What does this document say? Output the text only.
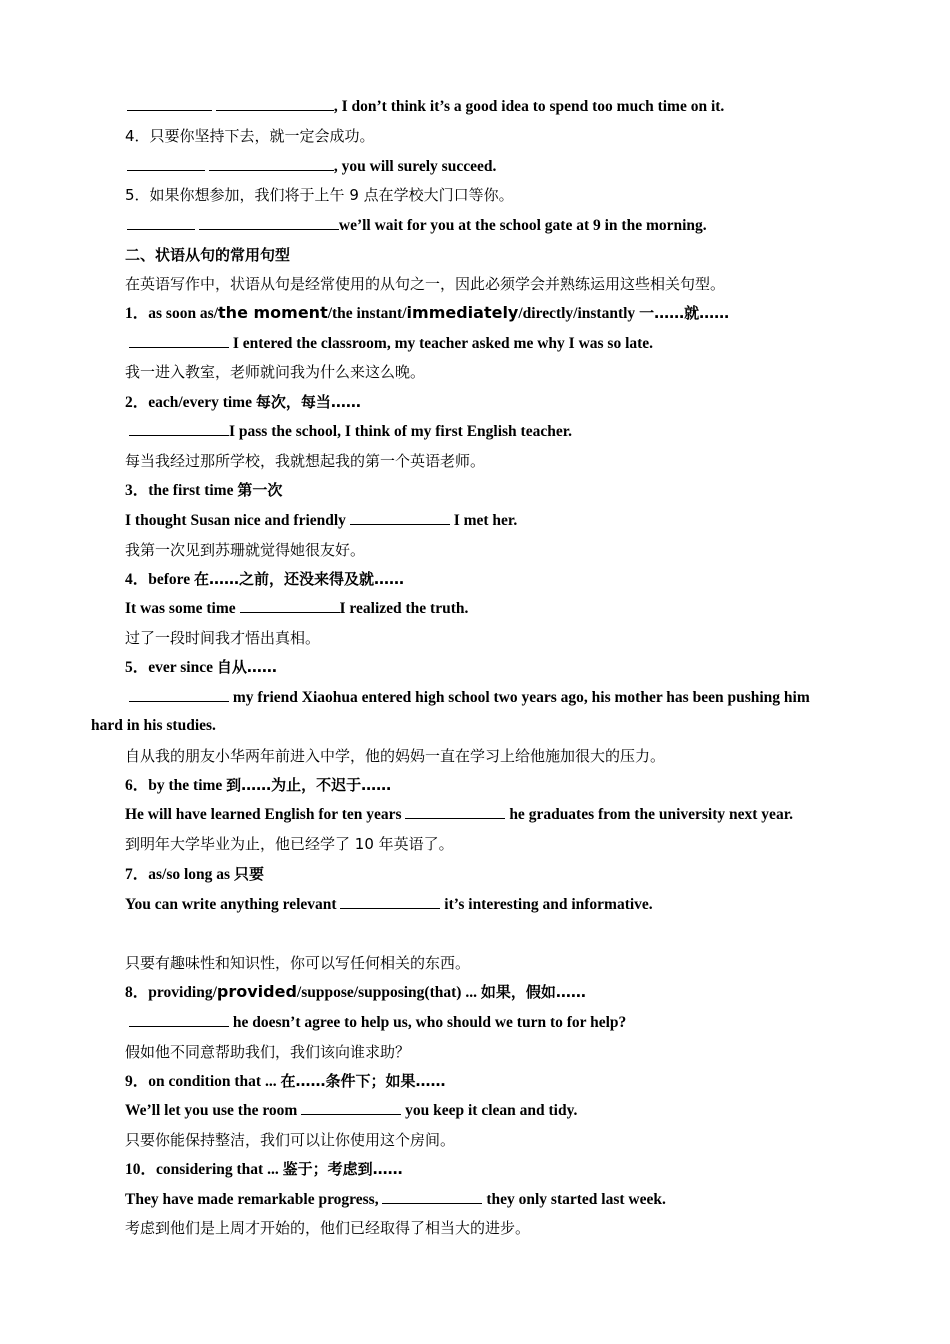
, I don’t think it’s a good idea to spend too much time on it.
4．只要你坚持下去，就一定会成功。
, you will surely succeed.
5．如果你想参加，我们将于上午 9 点在学校大门口等你。
we’ll wait for you at the school gate at 9 in the morning.
二、状语从句的常用句型
在英语写作中，状语从句是经常使用的从句之一，因此必须学会并熟练运用这些相关句型。
1．as soon as/the moment/the instant/immediately/directly/instantly 一……就……
I entered the classroom, my teacher asked me why I was so late.
我一进入教室，老师就问我为什么来这么晚。
2．each/every time 每次，每当……
I pass the school, I think of my first English teacher.
每当我经过那所学校，我就想起我的第一个英语老师。
3．the first time 第一次
I thought Susan nice and friendly	I met her.
我第一次见到苏珊就觉得她很友好。
4．before 在……之前，还没来得及就……
It was some time	I realized the truth.
过了一段时间我才悟出真相。
5．ever since 自从……
my friend Xiaohua entered high school two years ago, his mother has been pushing him
hard in his studies.
自从我的朋友小华两年前进入中学，他的妈妈一直在学习上给他施加很大的压力。
6．by the time 到……为止，不迟于……
He will have learned English for ten years	he graduates from the university next year.
到明年大学毕业为止，他已经学了 10 年英语了。
7．as/so long as 只要
You can write anything relevant	it’s interesting and informative.
只要有趣味性和知识性，你可以写任何相关的东西。
8．providing/provided/suppose/supposing(that) ... 如果，假如……
he doesn’t agree to help us, who should we turn to for help?
假如他不同意帮助我们，我们该向谁求助？
9．on condition that ... 在……条件下；如果……
We’ll let you use the room	you keep it clean and tidy.
只要你能保持整洁，我们可以让你使用这个房间。
10．considering that ... 鉴于；考虑到……
They have made remarkable progress,	they only started last week.
考虑到他们是上周才开始的，他们已经取得了相当大的进步。
